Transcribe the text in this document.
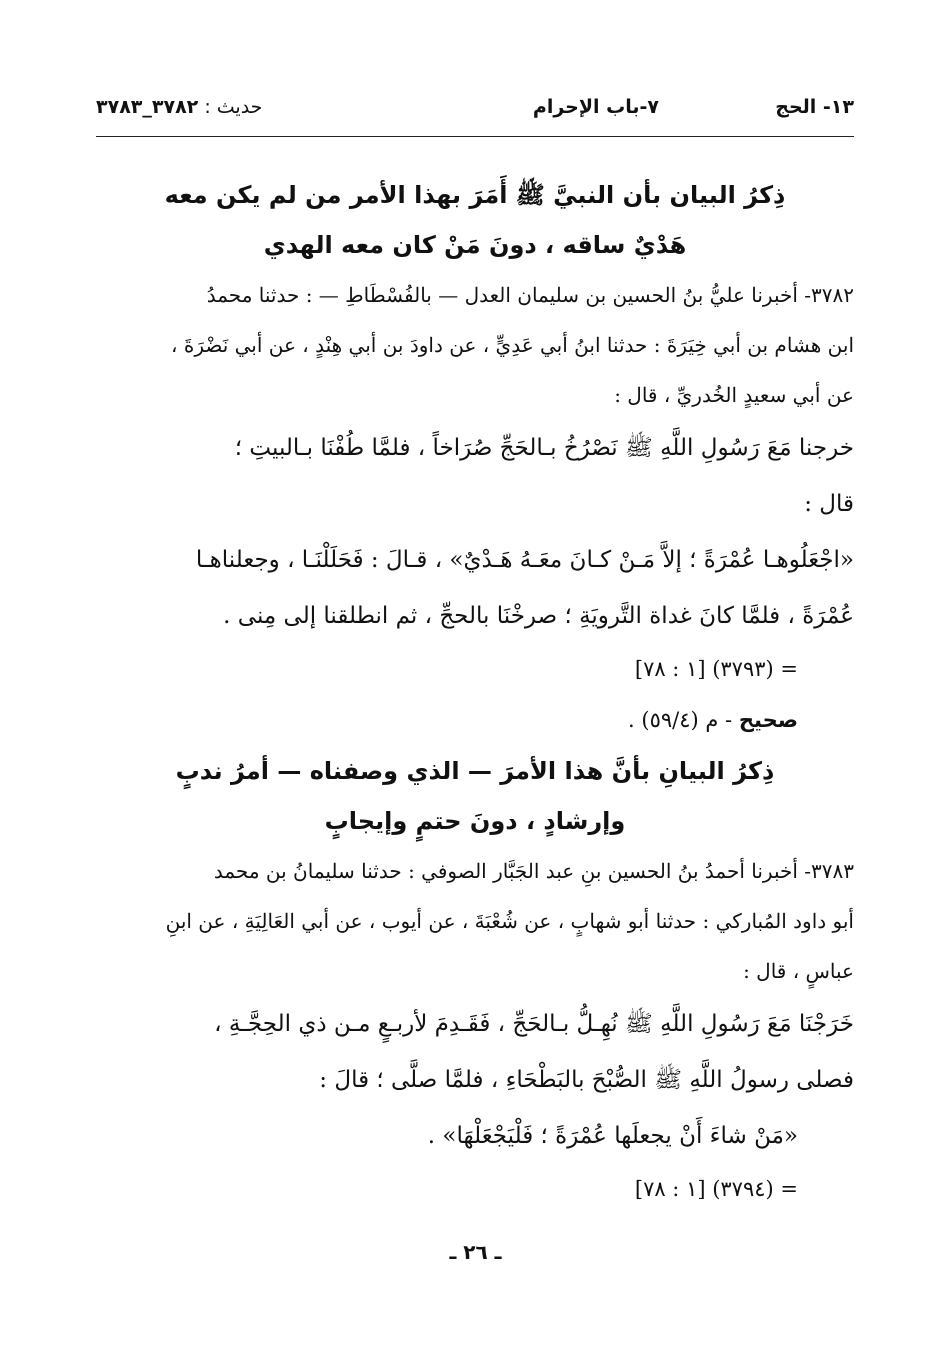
١٣- الحج
٧-باب الإحرام
حديث : ٣٧٨٢_٣٧٨٣

ذِكرُ البيان بأن النبيَّ ﷺ أَمَرَ بهذا الأمر من لم يكن معه

هَدْيٌ ساقه ، دونَ مَنْ كان معه الهدي

٣٧٨٢- أخبرنا عليُّ بنُ الحسين بن سليمان العدل — بالفُسْطَاطِ — : حدثنا محمدُ

ابن هشام بن أبي خِيَرَةَ : حدثنا ابنُ أبي عَدِيٍّ ، عن داودَ بن أبي هِنْدٍ ، عن أبي نَضْرَةَ ،

عن أبي سعيدٍ الخُدريِّ ، قال :

خرجنا مَعَ رَسُولِ اللَّهِ ﷺ نَصْرُخُ بـالحَجِّ صُرَاخاً ، فلمَّا طُفْنَا بـالبيتِ ؛

قال :

«اجْعَلُوهـا عُمْرَةً ؛ إلاَّ مَـنْ كـانَ معَـهُ هَـدْيٌ» ، قـالَ : فَحَلَلْنَـا ، وجعلناهـا

عُمْرَةً ، فلمَّا كانَ غداة التَّرويَةِ ؛ صرخْنَا بالحجِّ ، ثم انطلقنا إلى مِنى .

= (٣٧٩٣) [١ : ٧٨]

صحيح - م (٥٩/٤) .

ذِكرُ البيانِ بأنَّ هذا الأمرَ — الذي وصفناه — أمرُ ندبٍ

وإرشادٍ ، دونَ حتمٍ وإيجابٍ

٣٧٨٣- أخبرنا أحمدُ بنُ الحسين بنِ عبد الجَبَّار الصوفي : حدثنا سليمانُ بن محمد

أبو داود المُباركي : حدثنا أبو شهابٍ ، عن شُعْبَةَ ، عن أيوب ، عن أبي العَالِيَةِ ، عن ابنِ

عباسٍ ، قال :

خَرَجْنَا مَعَ رَسُولِ اللَّهِ ﷺ نُهِـلُّ بـالحَجِّ ، فَقَـدِمَ لأربـعٍ مـن ذي الحِجَّـةِ ،

فصلى رسولُ اللَّهِ ﷺ الصُّبْحَ بالبَطْحَاءِ ، فلمَّا صلَّى ؛ قالَ :

«مَنْ شاءَ أَنْ يجعلَها عُمْرَةً ؛ فَلْيَجْعَلْهَا» .

= (٣٧٩٤) [١ : ٧٨]

ـ ٢٦ ـ
